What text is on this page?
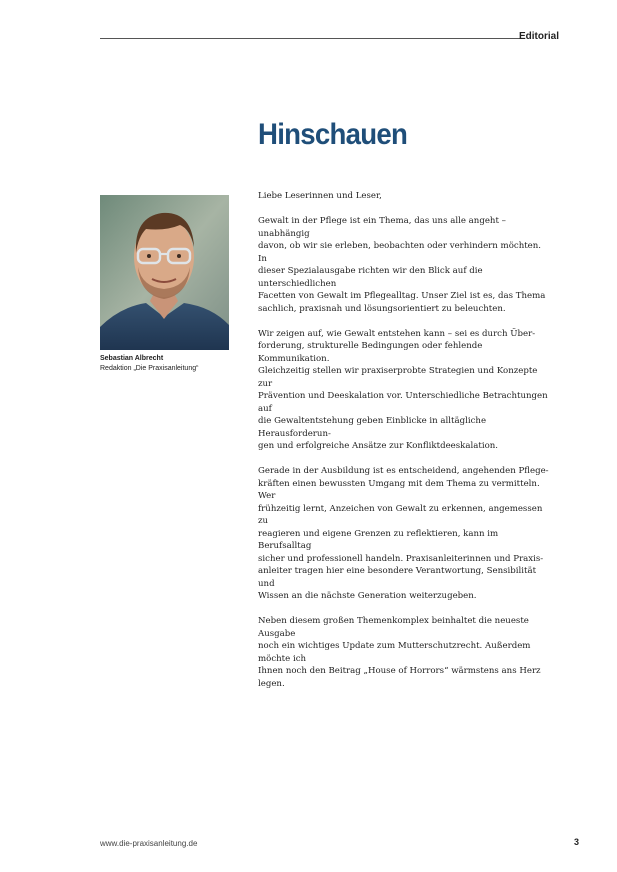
Editorial
Hinschauen
Sebastian Albrecht
Redaktion „Die Praxisanleitung“

Liebe Leserinnen und Leser,

Gewalt in der Pflege ist ein Thema, das uns alle angeht – unabhängig
davon, ob wir sie erleben, beobachten oder verhindern möchten. In
dieser Spezialausgabe richten wir den Blick auf die unterschiedlichen
Facetten von Gewalt im Pflegealltag. Unser Ziel ist es, das Thema
sachlich, praxisnah und lösungsorientiert zu beleuchten.

Wir zeigen auf, wie Gewalt entstehen kann – sei es durch Über-
forderung, strukturelle Bedingungen oder fehlende Kommunikation.
Gleichzeitig stellen wir praxiserprobte Strategien und Konzepte zur
Prävention und Deeskalation vor. Unterschiedliche Betrachtungen auf
die Gewaltentstehung geben Einblicke in alltägliche Herausforderun-
gen und erfolgreiche Ansätze zur Konfliktdeeskalation.

Gerade in der Ausbildung ist es entscheidend, angehenden Pflege-
kräften einen bewussten Umgang mit dem Thema zu vermitteln. Wer
frühzeitig lernt, Anzeichen von Gewalt zu erkennen, angemessen zu
reagieren und eigene Grenzen zu reflektieren, kann im Berufsalltag
sicher und professionell handeln. Praxisanleiterinnen und Praxis-
anleiter tragen hier eine besondere Verantwortung, Sensibilität und
Wissen an die nächste Generation weiterzugeben.

Neben diesem großen Themenkomplex beinhaltet die neueste Ausgabe
noch ein wichtiges Update zum Mutterschutzrecht. Außerdem möchte ich
Ihnen noch den Beitrag „House of Horrors“ wärmstens ans Herz legen.

www.die-praxisanleitung.de	3
